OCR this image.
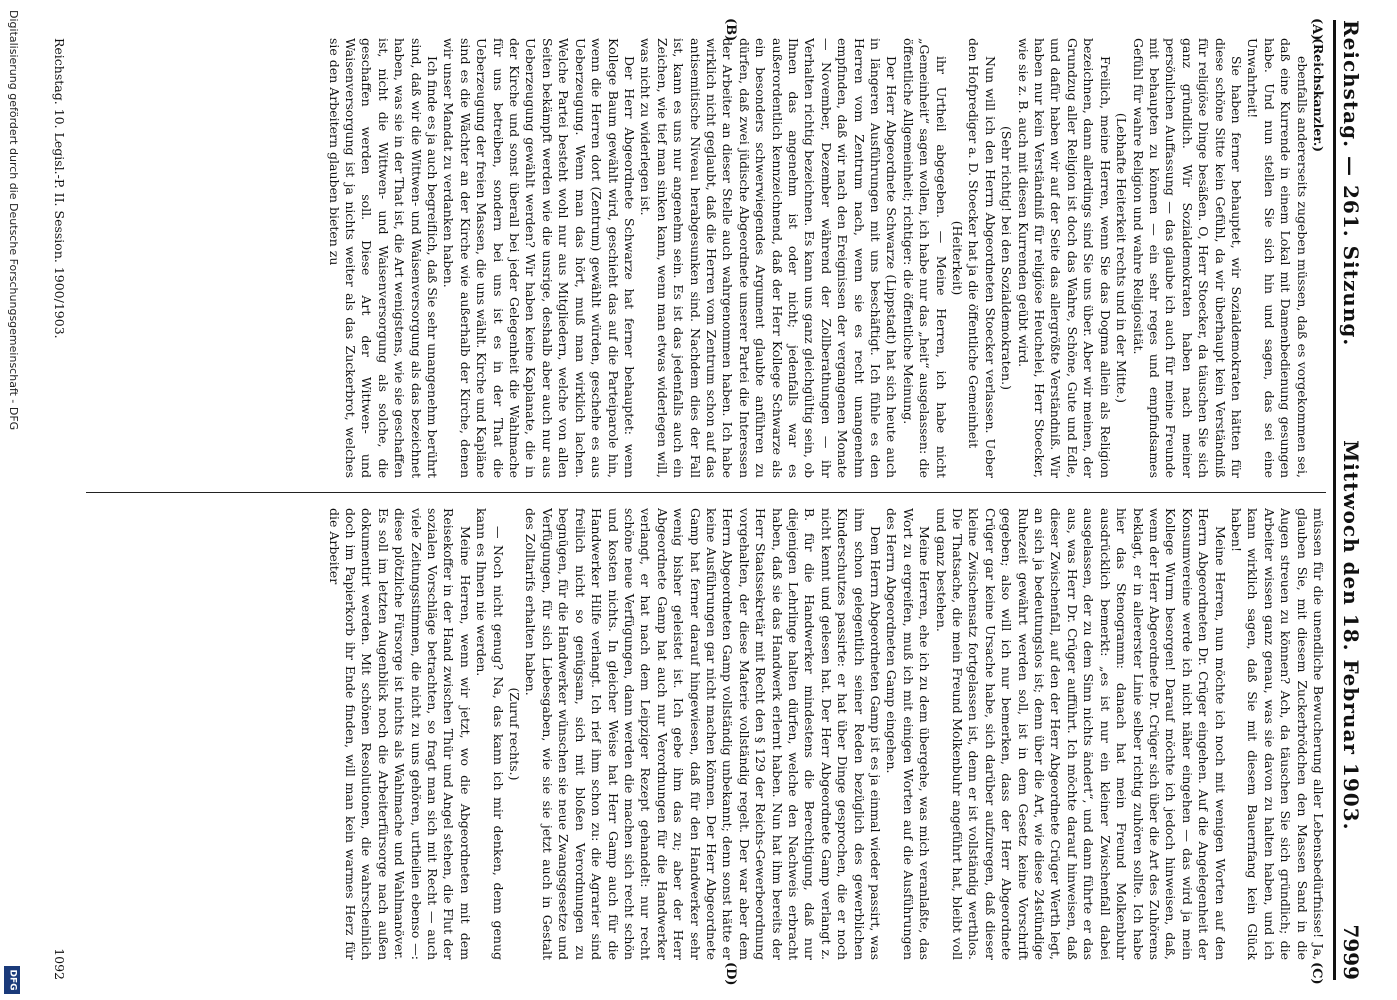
Reichstag. — 261. Sitzung.
Mittwoch den 18. Februar 1903.
7999
(A)
(B)
(C)
(D)

(Reichskanzler.)

ebenfalls andererseits zugeben müssen, daß es vorgekommen sei, daß eine Kurrende in einem Lokal mit Damenbedienung gesungen habe. Und nun stellen Sie sich hin und sagen, das sei eine Unwahrheit!

Sie haben ferner behauptet, wir Sozialdemokraten hätten für diese schöne Sitte kein Gefühl, da wir überhaupt kein Verständniß für religiöse Dinge besäßen. O, Herr Stoecker, da täuschen Sie sich ganz gründlich. Wir Sozialdemokraten haben nach meiner persönlichen Auffassung — das glaube ich auch für meine Freunde mit behaupten zu können — ein sehr reges und empfindsames Gefühl für wahre Religion und wahre Religiosität.

(Lebhafte Heiterkeit rechts und in der Mitte.)

Freilich, meine Herren, wenn Sie das Dogma allein als Religion bezeichnen, dann allerdings sind Sie uns über. Aber wir meinen, der Grundzug aller Religion ist doch das Wahre, Schöne, Gute und Edle, und dafür haben wir auf der Seite das allergrößte Verständniß. Wir haben nur kein Verständniß für religiöse Heuchelei, Herr Stoecker, wie sie z. B. auch mit diesen Kurrenden geübt wird.

(Sehr richtig! bei den Sozialdemokraten.)

Nun will ich den Herrn Abgeordneten Stoecker verlassen. Ueber den Hofprediger a. D. Stoecker hat ja die öffentliche Gemeinheit

(Heiterkeit)

ihr Urtheil abgegeben. — Meine Herren, ich habe nicht „Gemeinheit“ sagen wollen, ich habe nur das „heit“ ausgelassen: die öffentliche Allgemeinheit; richtiger: die öffentliche Meinung.

Der Herr Abgeordnete Schwarze (Lippstadt) hat sich heute auch in längeren Ausführungen mit uns beschäftigt. Ich fühle es den Herren vom Zentrum nach, wenn sie es recht unangenehm empfinden, daß wir nach den Ereignissen der vergangenen Monate — November, Dezember während der Zollberathungen — ihr Verhalten richtig bezeichnen. Es kann uns ganz gleichgültig sein, ob Ihnen das angenehm ist oder nicht; jedenfalls war es außerordentlich kennzeichnend, daß der Herr Kollege Schwarze als ein besonders schwerwiegendes Argument glaubte anführen zu dürfen, daß zwei jüdische Abgeordnete unserer Partei die Interessen der Arbeiter an dieser Stelle auch wahrgenommen haben. Ich habe wirklich nicht geglaubt, daß die Herren vom Zentrum schon auf das antisemitische Niveau herabgesunken sind. Nachdem dies der Fall ist, kann es uns nur angenehm sein. Es ist das jedenfalls auch ein Zeichen, wie tief man sinken kann, wenn man etwas widerlegen will, was nicht zu widerlegen ist.

Der Herr Abgeordnete Schwarze hat ferner behauptet: wenn Kollege Baum gewählt wird, geschieht das auf die Parteiparole hin, wenn die Herren dort (Zentrum) gewählt würden, geschehe es aus Ueberzeugung. Wenn man das hört, muß man wirklich lachen. Welche Partei besteht wohl nur aus Mitgliedern, welche von allen Seiten bekämpft werden wie die unsrige, deshalb aber auch nur aus Ueberzeugung gewählt werden? Wir haben keine Kaplanate, die in der Kirche und sonst überall bei jeder Gelegenheit die Wahlmache für uns betreiben, sondern bei uns ist es in der That die Ueberzeugung der freien Massen, die uns wählt. Kirche und Kapläne sind es die Wächter an der Kirche wie außerhalb der Kirche, denen wir unser Mandat zu verdanken haben.

Ich finde es ja auch begreiflich, daß Sie sehr unangenehm berührt sind, daß wir die Wittwen- und Waisenversorgung als das bezeichnet haben, was sie in der That ist, die Art wenigstens, wie sie geschaffen ist, nicht die Wittwen- und Waisenversorgung als solche, die geschaffen werden soll. Diese Art der Wittwen- und Waisenversorgung ist ja nichts weiter als das Zuckerbrot, welches sie den Arbeitern glauben bieten zu

müssen für die unendliche Bewucherung aller Lebensbedürfnisse! Ja, glauben Sie, mit diesem Zuckerbrödchen den Massen Sand in die Augen streuen zu können? Ach, da täuschen Sie sich gründlich; die Arbeiter wissen ganz genau, was sie davon zu halten haben, und ich kann wirklich sagen, daß Sie mit diesem Bauernfang kein Glück haben!

Meine Herren, nun möchte ich noch mit wenigen Worten auf den Herrn Abgeordneten Dr. Crüger eingehen. Auf die Angelegenheit der Konsumvereine werde ich nicht näher eingehen — das wird ja mein Kollege Wurm besorgen! Darauf möchte ich jedoch hinweisen, daß, wenn der Herr Abgeordnete Dr. Crüger sich über die Art des Zuhörens beklagt, er in allererster Linie selber richtig zuhören sollte. Ich habe hier das Stenogramm: danach hat mein Freund Molkenbuhr ausdrücklich bemerkt: „es ist nur ein kleiner Zwischenfall dabei ausgelassen, der zu dem Sinn nichts ändert“, und dann führte er das aus, was Herr Dr. Crüger aufführt. Ich möchte darauf hinweisen, daß dieser Zwischenfall, auf den der Herr Abgeordnete Crüger Werth legt, an sich ja bedeutungslos ist; denn über die Art, wie diese 24stündige Ruhezeit gewährt werden soll, ist in dem Gesetz keine Vorschrift gegeben; also will ich nur bemerken, dass der Herr Abgeordnete Crüger gar keine Ursache habe, sich darüber aufzuregen, daß dieser kleine Zwischensatz fortgelassen ist, denn er ist vollständig werthlos. Die Thatsache, die mein Freund Molkenbuhr angeführt hat, bleibt voll und ganz bestehen.

Meine Herren, ehe ich zu dem übergehe, was mich veranlaßte, das Wort zu ergreifen, muß ich mit einigen Worten auf die Ausführungen des Herrn Abgeordneten Gamp eingehen.

Dem Herrn Abgeordneten Gamp ist es ja einmal wieder passirt, was ihm schon gelegentlich seiner Reden bezüglich des gewerblichen Kinderschutzes passirte: er hat über Dinge gesprochen, die er noch nicht kennt und gelesen hat. Der Herr Abgeordnete Gamp verlangt z. B. für die Handwerker mindestens die Berechtigung, daß nur diejenigen Lehrlinge halten dürfen, welche den Nachweis erbracht haben, daß sie das Handwerk erlernt haben. Nun hat ihm bereits der Herr Staatssekretär mit Recht den § 129 der Reichs-Gewerbeordnung vorgehalten, der diese Materie vollständig regelt. Der war aber dem Herrn Abgeordneten Gamp vollständig unbekannt; denn sonst hätte er keine Ausführungen gar nicht machen können. Der Herr Abgeordnete Gamp hat ferner darauf hingewiesen, daß für den Handwerker sehr wenig bisher geleistet ist. Ich gebe ihm das zu; aber der Herr Abgeordnete Gamp hat auch nur Verordnungen für die Handwerker verlangt, er hat nach dem Leipziger Rezept gehandelt: nur recht schöne neue Verfügungen, dann werden die machen sich recht schön und kosten nichts. In gleicher Weise hat Herr Gamp auch für die Handwerker Hilfe verlangt. Ich rief ihm schon zu: die Agrarier sind freilich nicht so genügsam, sich mit bloßen Verordnungen zu begnügen, für die Handwerker wünschen sie neue Zwangsgesetze und Verfügungen, für sich Liebesgaben, wie sie sie jetzt auch in Gestalt des Zolltarifs erhalten haben.

(Zuruf rechts.)

— Noch nicht genug? Na, das kann ich mir denken, denn genug kann es Ihnen nie werden.

Meine Herren, wenn wir jetzt, wo die Abgeordneten mit dem Reisekoffer in der Hand zwischen Thür und Angel stehen, die Flut der sozialen Vorschläge betrachten, so fragt man sich mit Recht — auch viele Zeitungsstimmen, die nicht zu uns gehören, urtheilen ebenso —: diese plötzliche Fürsorge ist nichts als Wahlmache und Wahlmanöver. Es soll im letzten Augenblick noch die Arbeiterfürsorge nach außen dokumentirt werden. Mit schönen Resolutionen, die wahrscheinlich doch im Papierkorb ihr Ende finden, will man kein warmes Herz für die Arbeiter

Reichstag. 10. Legisl.-P. II. Session. 1900/1903.
1092
Digitalisierung gefördert durch die Deutsche Forschungsgemeinschaft - DFG
DFG
